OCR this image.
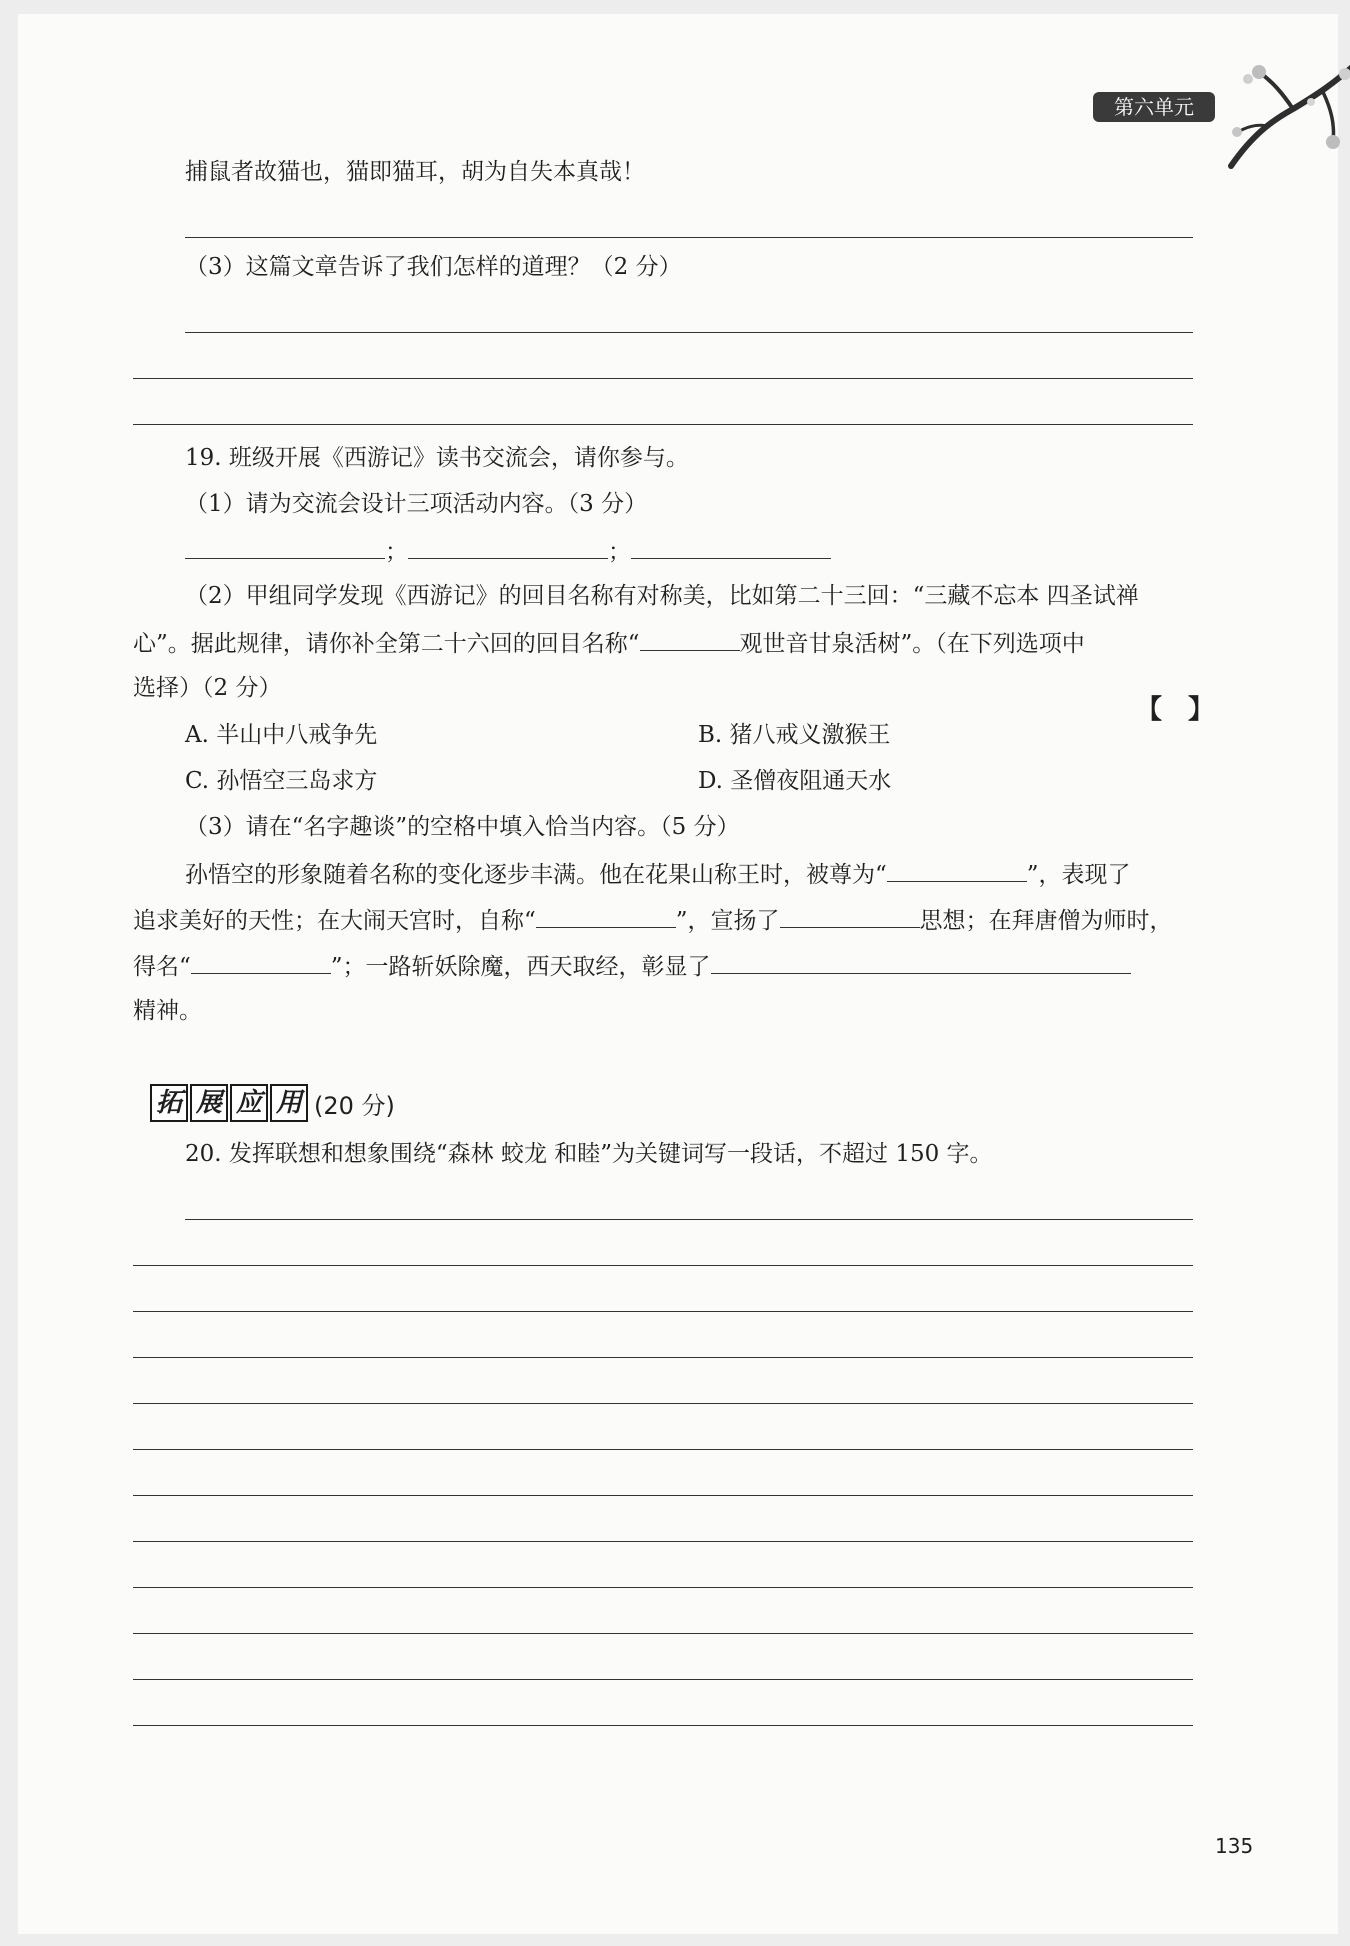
第六单元
捕鼠者故猫也，猫即猫耳，胡为自失本真哉！
（3）这篇文章告诉了我们怎样的道理？（2 分）
19. 班级开展《西游记》读书交流会，请你参与。
（1）请为交流会设计三项活动内容。（3 分）
；	；
（2）甲组同学发现《西游记》的回目名称有对称美，比如第二十三回：“三藏不忘本 四圣试禅
心”。据此规律，请你补全第二十六回的回目名称“	观世音甘泉活树”。（在下列选项中
选择）（2 分）
【　】
A. 半山中八戒争先	B. 猪八戒义激猴王
C. 孙悟空三岛求方	D. 圣僧夜阻通天水
（3）请在“名字趣谈”的空格中填入恰当内容。（5 分）
孙悟空的形象随着名称的变化逐步丰满。他在花果山称王时，被尊为“	”，表现了
追求美好的天性；在大闹天宫时，自称“	”，宣扬了	思想；在拜唐僧为师时，
得名“	”；一路斩妖除魔，西天取经，彰显了
精神。
拓 展 应 用 (20 分)
20. 发挥联想和想象围绕“森林 蛟龙 和睦”为关键词写一段话，不超过 150 字。
135
